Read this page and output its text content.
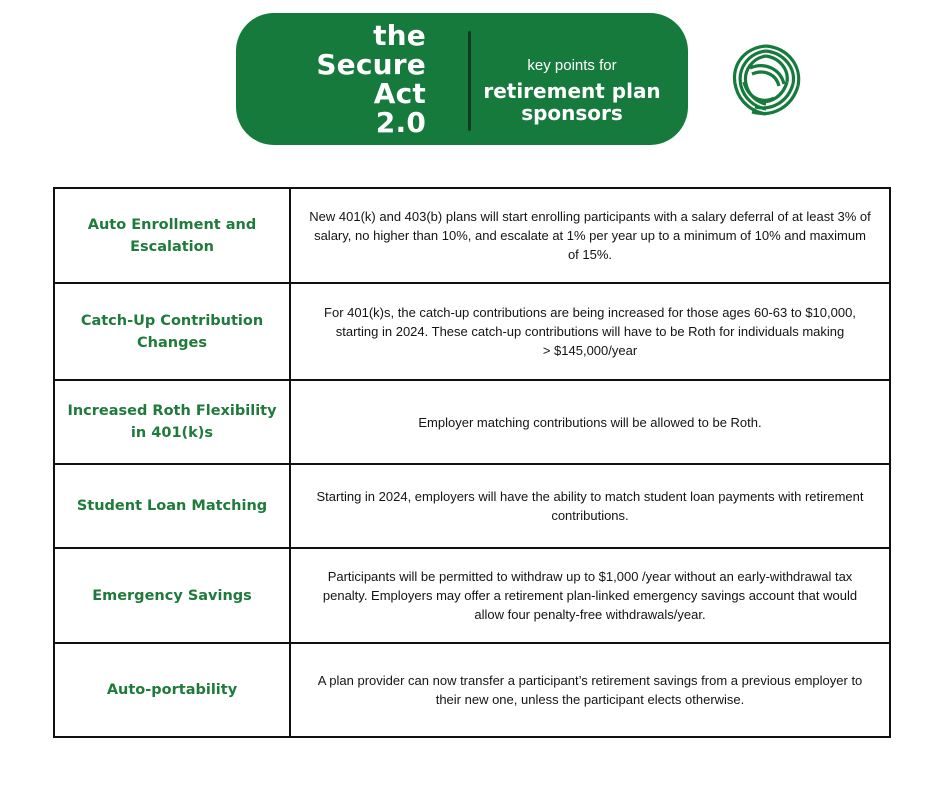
the
Secure
Act
2.0
key points for
retirement plan
sponsors
Auto Enrollment and Escalation	New 401(k) and 403(b) plans will start enrolling participants with a salary deferral of at least 3% of salary, no higher than 10%, and escalate at 1% per year up to a minimum of 10% and maximum of 15%.
Catch-Up Contribution Changes	For 401(k)s, the catch-up contributions are being increased for those ages 60-63 to $10,000, starting in 2024. These catch-up contributions will have to be Roth for individuals making
> $145,000/year

Increased Roth Flexibility in 401(k)s	Employer matching contributions will be allowed to be Roth.
Student Loan Matching	Starting in 2024, employers will have the ability to match student loan payments with retirement contributions.
Emergency Savings	Participants will be permitted to withdraw up to $1,000 /year without an early-withdrawal tax penalty. Employers may offer a retirement plan-linked emergency savings account that would allow four penalty-free withdrawals/year.
Auto-portability	A plan provider can now transfer a participant’s retirement savings from a previous employer to their new one, unless the participant elects otherwise.
